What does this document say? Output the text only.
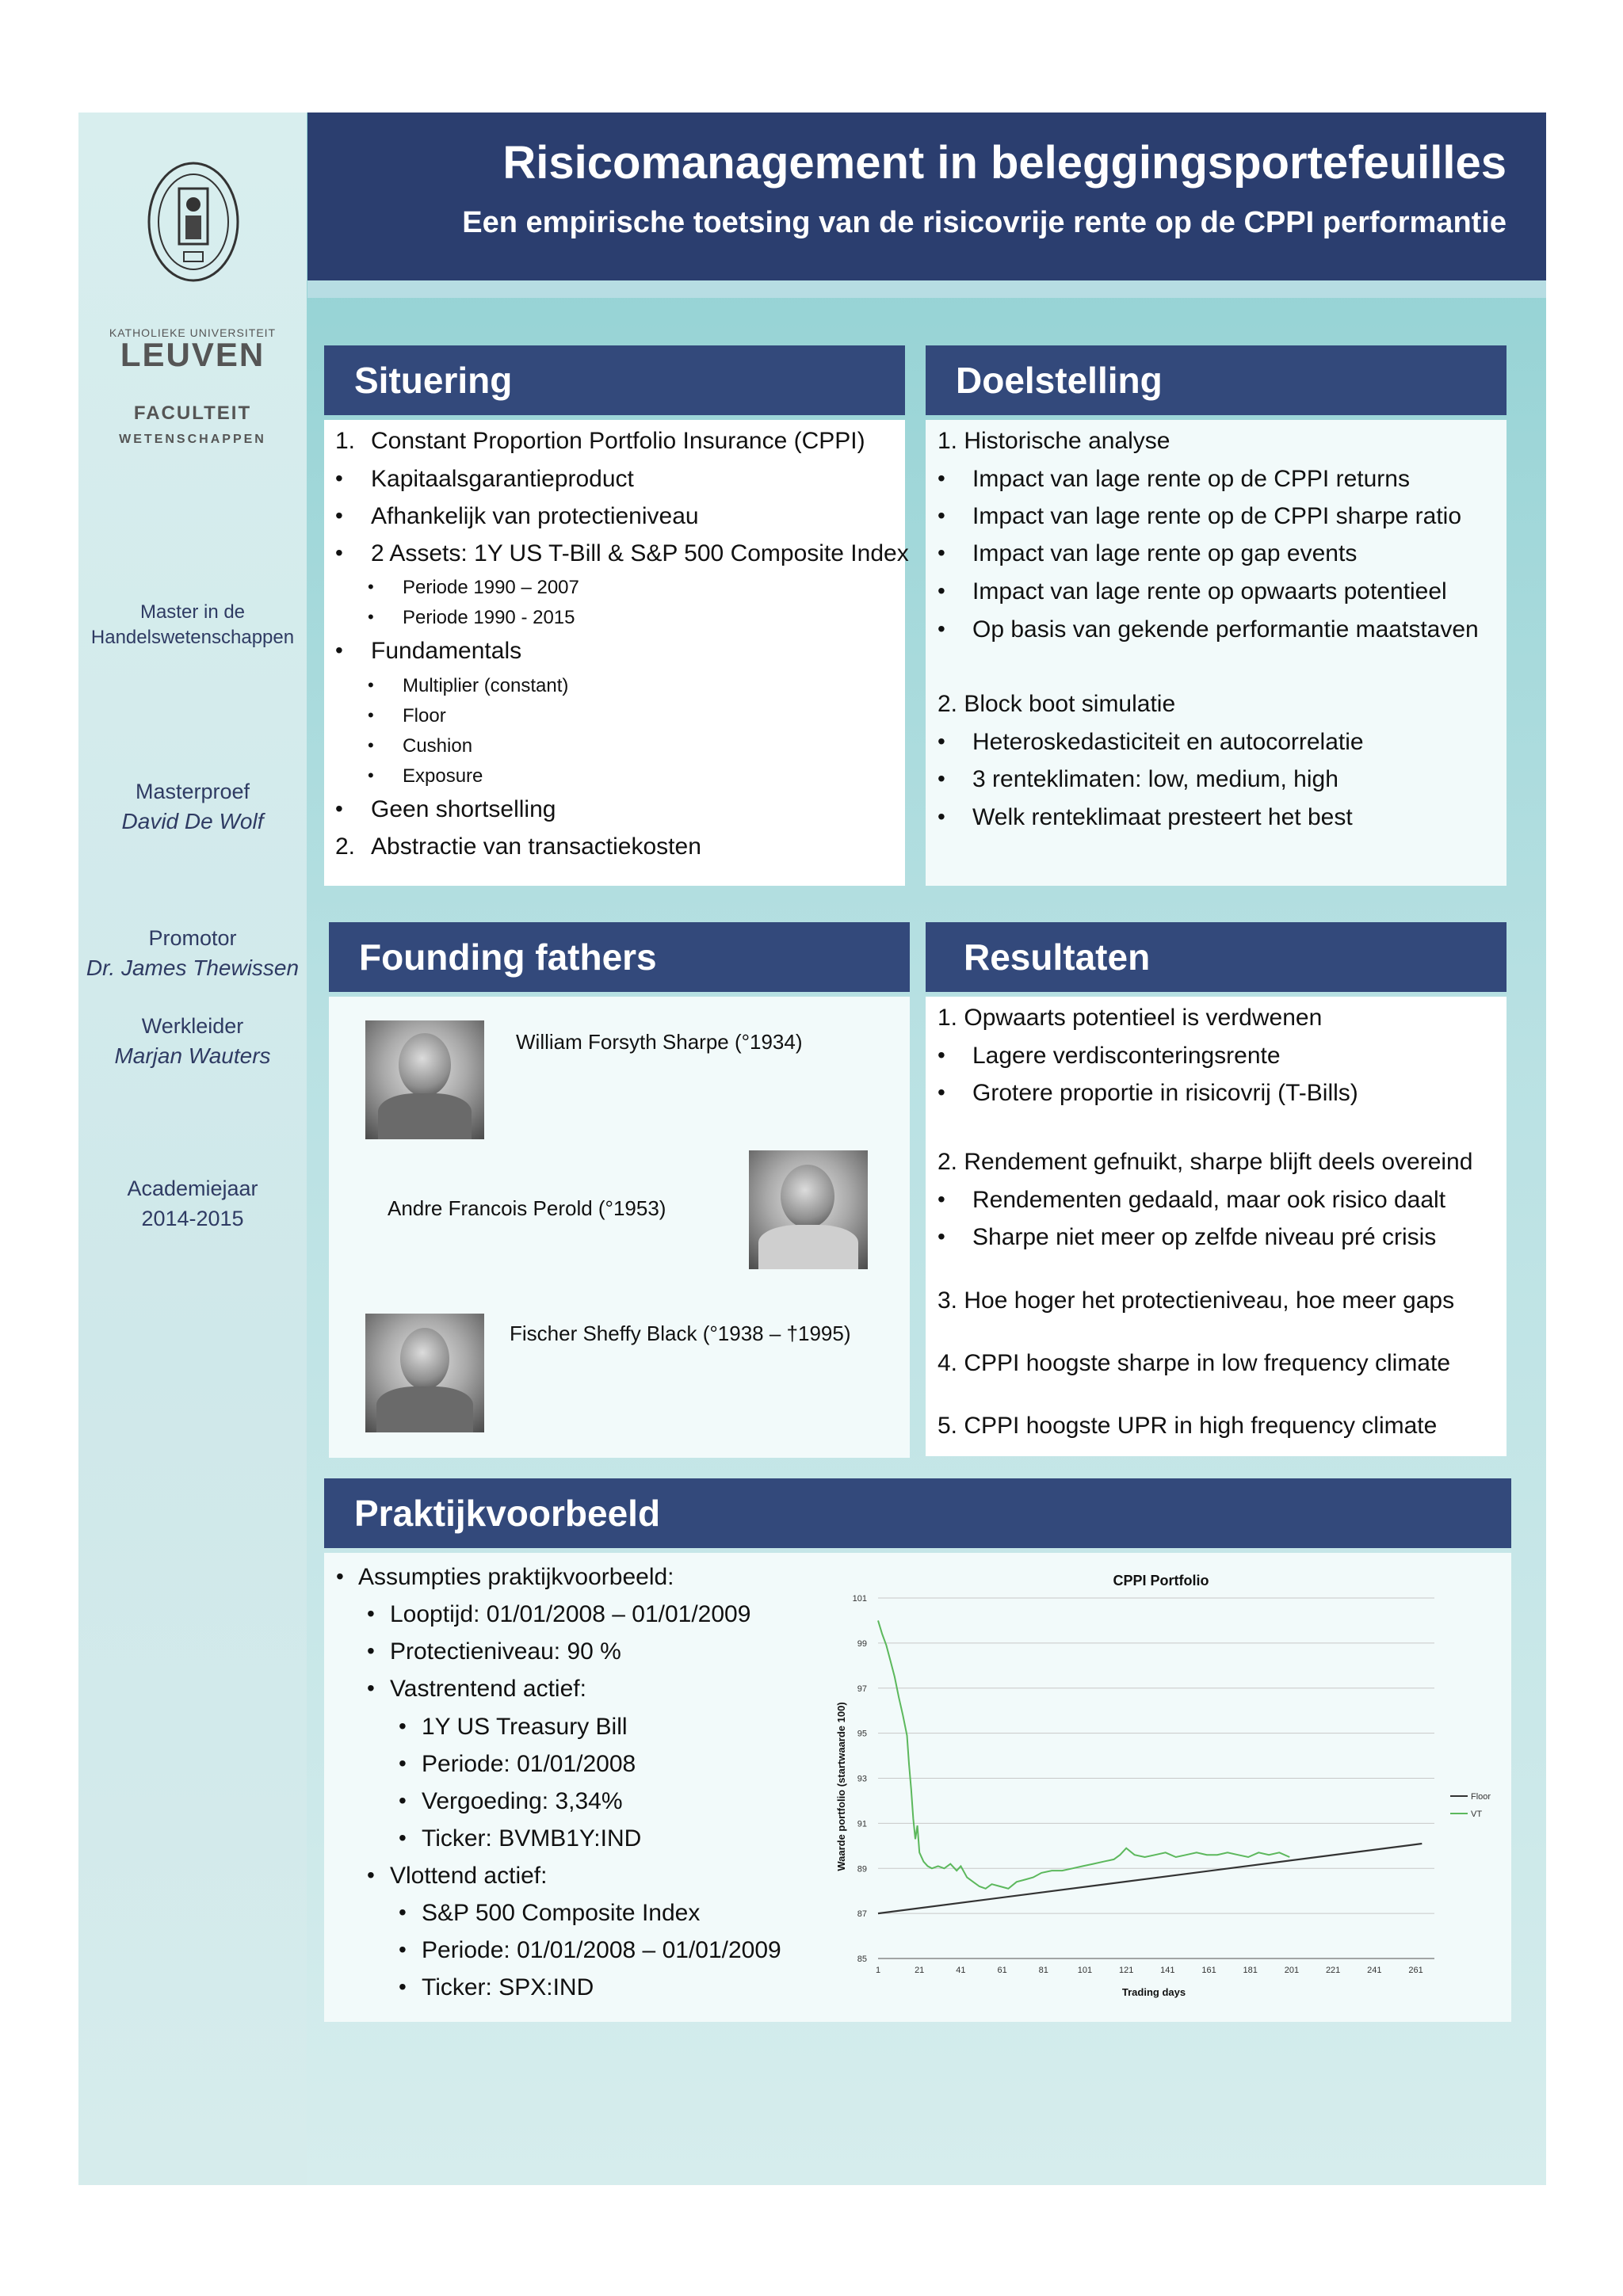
Risicomanagement in beleggingsportefeuilles
Een empirische toetsing van de risicovrije rente op de CPPI performantie
KATHOLIEKE UNIVERSITEIT
LEUVEN
FACULTEIT
WETENSCHAPPEN
Master in de
Handelswetenschappen
Masterproef
David De Wolf
Promotor
Dr. James Thewissen
Werkleider
Marjan Wauters
Academiejaar
2014-2015
Situering
1. Constant Proportion Portfolio Insurance (CPPI)
• Kapitaalsgarantieproduct
• Afhankelijk van protectieniveau
• 2 Assets: 1Y US T-Bill & S&P 500 Composite Index
• Periode 1990 – 2007
• Periode 1990 - 2015
• Fundamentals
• Multiplier (constant)
• Floor
• Cushion
• Exposure
• Geen shortselling
2. Abstractie van transactiekosten
Doelstelling
1. Historische analyse
• Impact van lage rente op de CPPI returns
• Impact van lage rente op de CPPI sharpe ratio
• Impact van lage rente op gap events
• Impact van lage rente op opwaarts potentieel
• Op basis van gekende performantie maatstaven
2. Block boot simulatie
• Heteroskedasticiteit en autocorrelatie
• 3 renteklimaten: low, medium, high
• Welk renteklimaat presteert het best
Founding fathers
William Forsyth Sharpe (°1934)
Andre Francois Perold (°1953)
Fischer Sheffy Black (°1938 – †1995)
Resultaten
1. Opwaarts potentieel is verdwenen
• Lagere verdisconteringsrente
• Grotere proportie in risicovrij (T-Bills)
2. Rendement gefnuikt, sharpe blijft deels overeind
• Rendementen gedaald, maar ook risico daalt
• Sharpe niet meer op zelfde niveau pré crisis
3. Hoe hoger het protectieniveau, hoe meer gaps
4. CPPI hoogste sharpe in low frequency climate
5. CPPI hoogste UPR in high frequency climate
Praktijkvoorbeeld
• Assumpties praktijkvoorbeeld:
• Looptijd: 01/01/2008 – 01/01/2009
• Protectieniveau: 90 %
• Vastrentend actief:
• 1Y US Treasury Bill
• Periode: 01/01/2008
• Vergoeding: 3,34%
• Ticker: BVMB1Y:IND
• Vlottend actief:
• S&P 500 Composite Index
• Periode: 01/01/2008 – 01/01/2009
• Ticker: SPX:IND
CPPI Portfolio
Waarde portfolio (startwaarde 100)
Trading days
85
87
89
91
93
95
97
99
101
1	21	41	61	81	101	121	141	161	181	201	221	241	261
Floor
VT
